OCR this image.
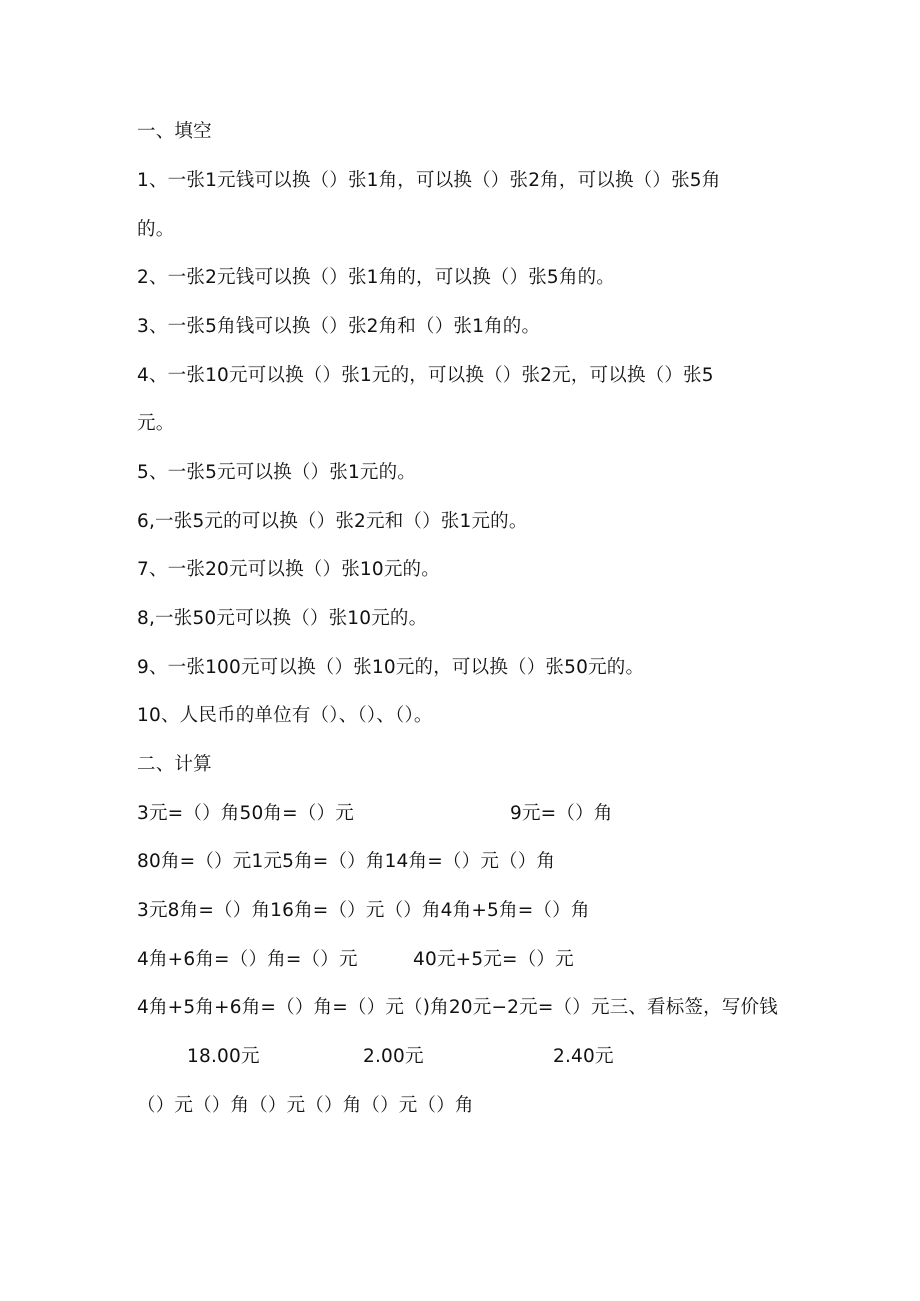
一、填空
1、一张1元钱可以换（）张1角，可以换（）张2角，可以换（）张5角
的。
2、一张2元钱可以换（）张1角的，可以换（）张5角的。
3、一张5角钱可以换（）张2角和（）张1角的。
4、一张10元可以换（）张1元的，可以换（）张2元，可以换（）张5
元。
5、一张5元可以换（）张1元的。
6,一张5元的可以换（）张2元和（）张1元的。
7、一张20元可以换（）张10元的。
8,一张50元可以换（）张10元的。
9、一张100元可以换（）张10元的，可以换（）张50元的。
10、人民币的单位有（）、（）、（）。
二、计算
3元=（）角50角=（）元	9元=（）角
80角=（）元1元5角=（）角14角=（）元（）角
3元8角=（）角16角=（）元（）角4角+5角=（）角
4角+6角=（）角=（）元	40元+5元=（）元
4角+5角+6角=（）角=（）元（)角20元−2元=（）元三、看标签，写价钱
18.00元	2.00元	2.40元
（）元（）角（）元（）角（）元（）角
